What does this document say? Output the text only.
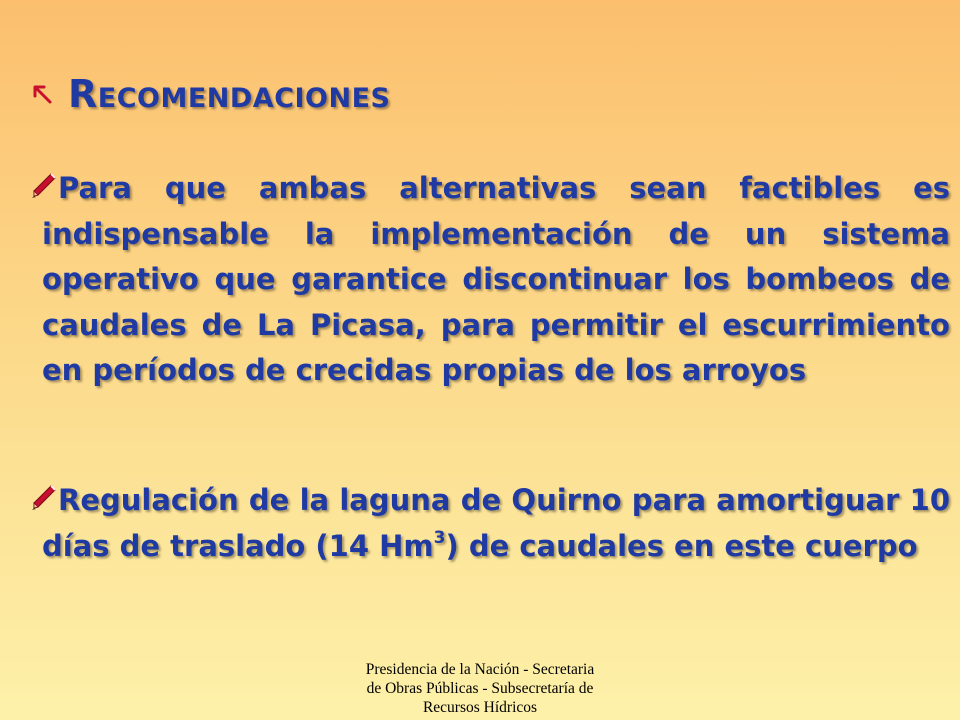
Recomendaciones

Para que ambas alternativas sean factibles es indispensable la implementación de un sistema operativo que garantice discontinuar los bombeos de caudales de La Picasa, para permitir el escurrimiento en períodos de crecidas propias de los arroyos

Regulación de la laguna de Quirno para amortiguar 10 días de traslado (14 Hm$^3$) de caudales en este cuerpo

Presidencia de la Nación - Secretaria
de Obras Públicas - Subsecretaría de
Recursos Hídricos
